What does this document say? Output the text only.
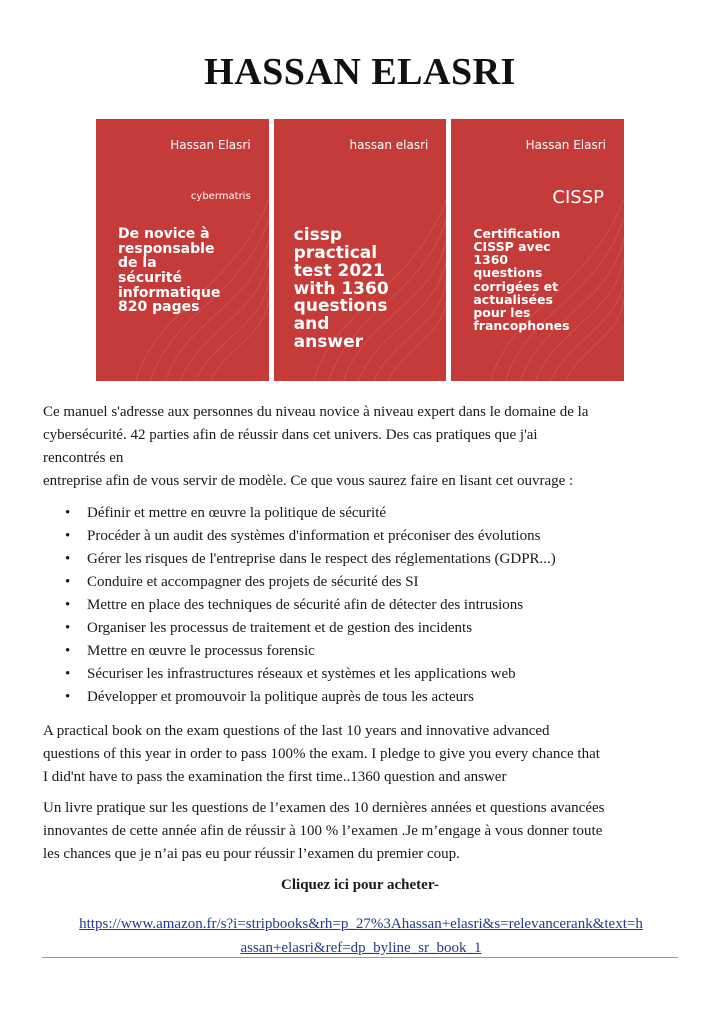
HASSAN ELASRI
Hassan Elasri
cybermatris
De novice à
responsable
de la
sécurité
informatique
820 pages
hassan elasri
cissp
practical
test 2021
with 1360
questions
and
answer
Hassan Elasri
CISSP
Certification
CISSP avec
1360
questions
corrigées et
actualisées
pour les
francophones
Ce manuel s'adresse aux personnes du niveau novice à niveau expert dans le domaine de la
cybersécurité. 42 parties afin de réussir dans cet univers. Des cas pratiques que j'ai
rencontrés en
entreprise afin de vous servir de modèle. Ce que vous saurez faire en lisant cet ouvrage :
• Définir et mettre en œuvre la politique de sécurité
• Procéder à un audit des systèmes d'information et préconiser des évolutions
• Gérer les risques de l'entreprise dans le respect des réglementations (GDPR...)
• Conduire et accompagner des projets de sécurité des SI
• Mettre en place des techniques de sécurité afin de détecter des intrusions
• Organiser les processus de traitement et de gestion des incidents
• Mettre en œuvre le processus forensic
• Sécuriser les infrastructures réseaux et systèmes et les applications web
• Développer et promouvoir la politique auprès de tous les acteurs
A practical book on the exam questions of the last 10 years and innovative advanced
questions of this year in order to pass 100% the exam. I pledge to give you every chance that
I did'nt have to pass the examination the first time..1360 question and answer
Un livre pratique sur les questions de l’examen des 10 dernières années et questions avancées
innovantes de cette année afin de réussir à 100 % l’examen .Je m’engage à vous donner toute
les chances que je n’ai pas eu pour réussir l’examen du premier coup.
Cliquez ici pour acheter-
https://www.amazon.fr/s?i=stripbooks&rh=p_27%3Ahassan+elasri&s=relevancerank&text=h
assan+elasri&ref=dp_byline_sr_book_1
